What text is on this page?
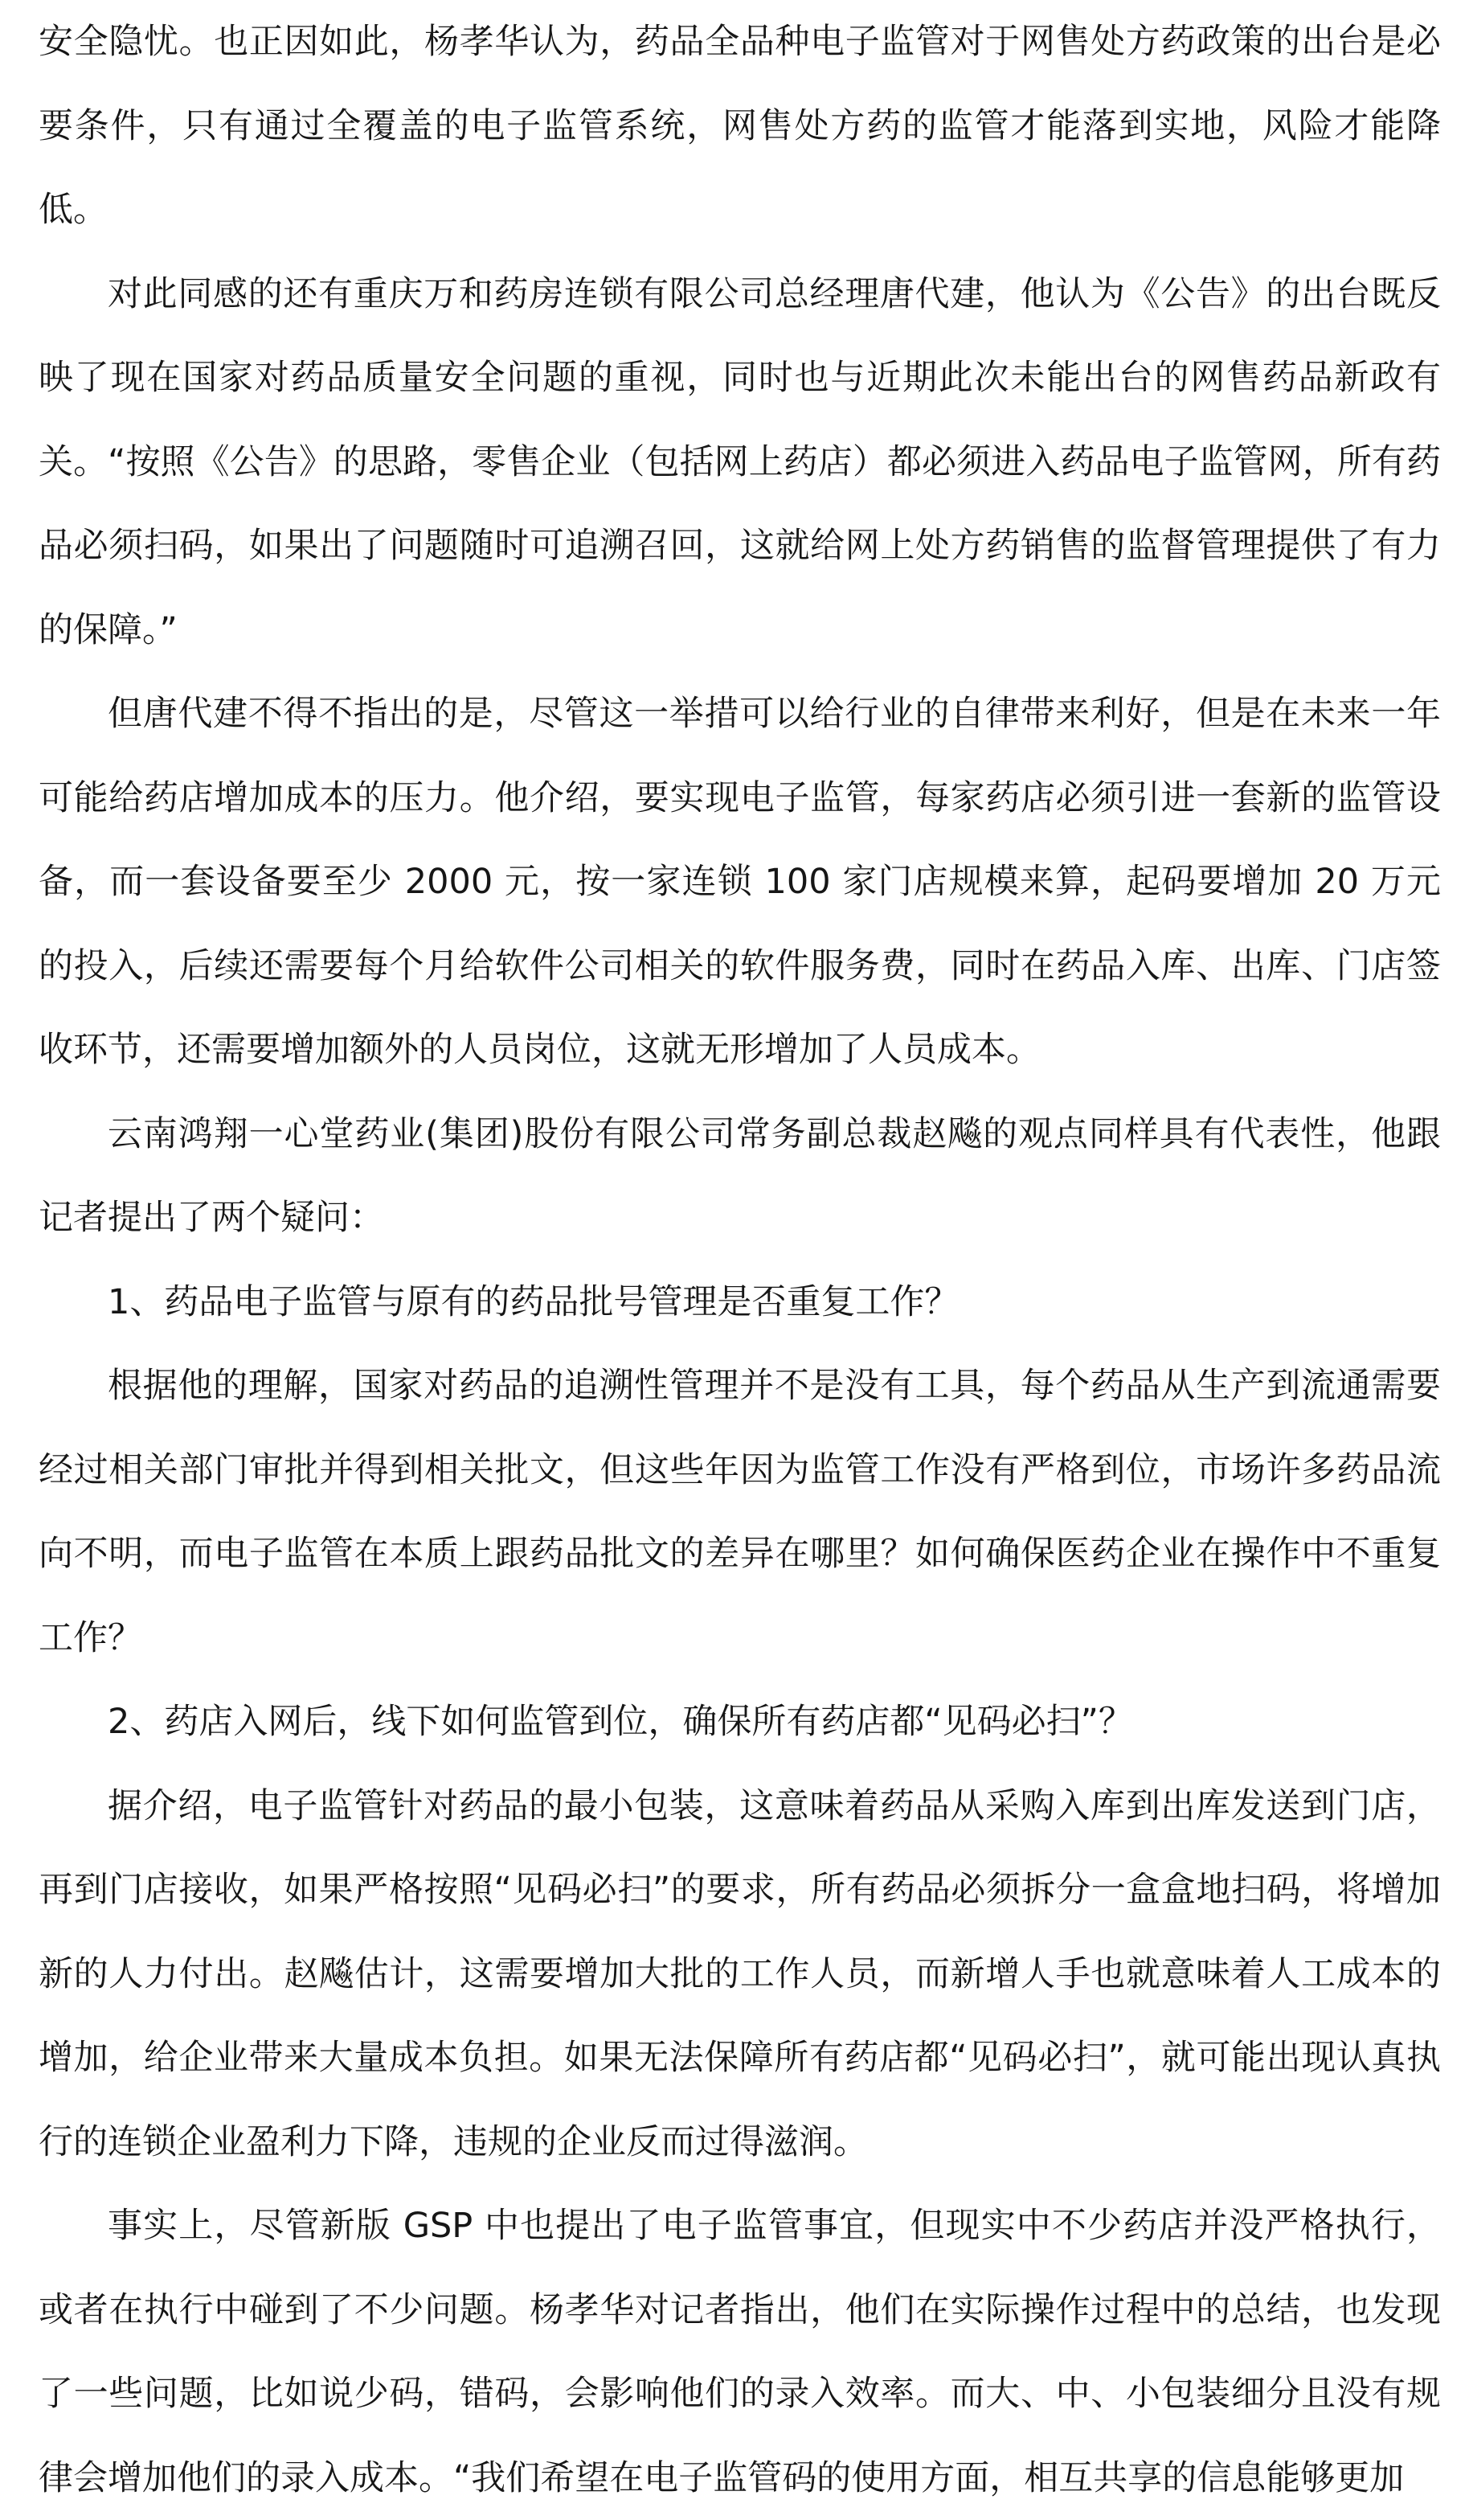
安全隐忧。也正因如此，杨孝华认为，药品全品种电子监管对于网售处方药政策的出台是必要条件，只有通过全覆盖的电子监管系统，网售处方药的监管才能落到实地，风险才能降低。

对此同感的还有重庆万和药房连锁有限公司总经理唐代建，他认为《公告》的出台既反映了现在国家对药品质量安全问题的重视，同时也与近期此次未能出台的网售药品新政有关。“按照《公告》的思路，零售企业（包括网上药店）都必须进入药品电子监管网，所有药品必须扫码，如果出了问题随时可追溯召回，这就给网上处方药销售的监督管理提供了有力的保障。”

但唐代建不得不指出的是，尽管这一举措可以给行业的自律带来利好，但是在未来一年可能给药店增加成本的压力。他介绍，要实现电子监管，每家药店必须引进一套新的监管设备，而一套设备要至少 2000 元，按一家连锁 100 家门店规模来算，起码要增加 20 万元的投入，后续还需要每个月给软件公司相关的软件服务费，同时在药品入库、出库、门店签收环节，还需要增加额外的人员岗位，这就无形增加了人员成本。

云南鸿翔一心堂药业(集团)股份有限公司常务副总裁赵飚的观点同样具有代表性，他跟记者提出了两个疑问：

1、药品电子监管与原有的药品批号管理是否重复工作？

根据他的理解，国家对药品的追溯性管理并不是没有工具，每个药品从生产到流通需要经过相关部门审批并得到相关批文，但这些年因为监管工作没有严格到位，市场许多药品流向不明，而电子监管在本质上跟药品批文的差异在哪里？如何确保医药企业在操作中不重复工作？

2、药店入网后，线下如何监管到位，确保所有药店都“见码必扫”？

据介绍，电子监管针对药品的最小包装，这意味着药品从采购入库到出库发送到门店，再到门店接收，如果严格按照“见码必扫”的要求，所有药品必须拆分一盒盒地扫码，将增加新的人力付出。赵飚估计，这需要增加大批的工作人员，而新增人手也就意味着人工成本的增加，给企业带来大量成本负担。如果无法保障所有药店都“见码必扫”，就可能出现认真执行的连锁企业盈利力下降，违规的企业反而过得滋润。

事实上，尽管新版 GSP 中也提出了电子监管事宜，但现实中不少药店并没严格执行，或者在执行中碰到了不少问题。杨孝华对记者指出，他们在实际操作过程中的总结，也发现了一些问题，比如说少码，错码，会影响他们的录入效率。而大、中、小包装细分且没有规律会增加他们的录入成本。“我们希望在电子监管码的使用方面，相互共享的信息能够更加
